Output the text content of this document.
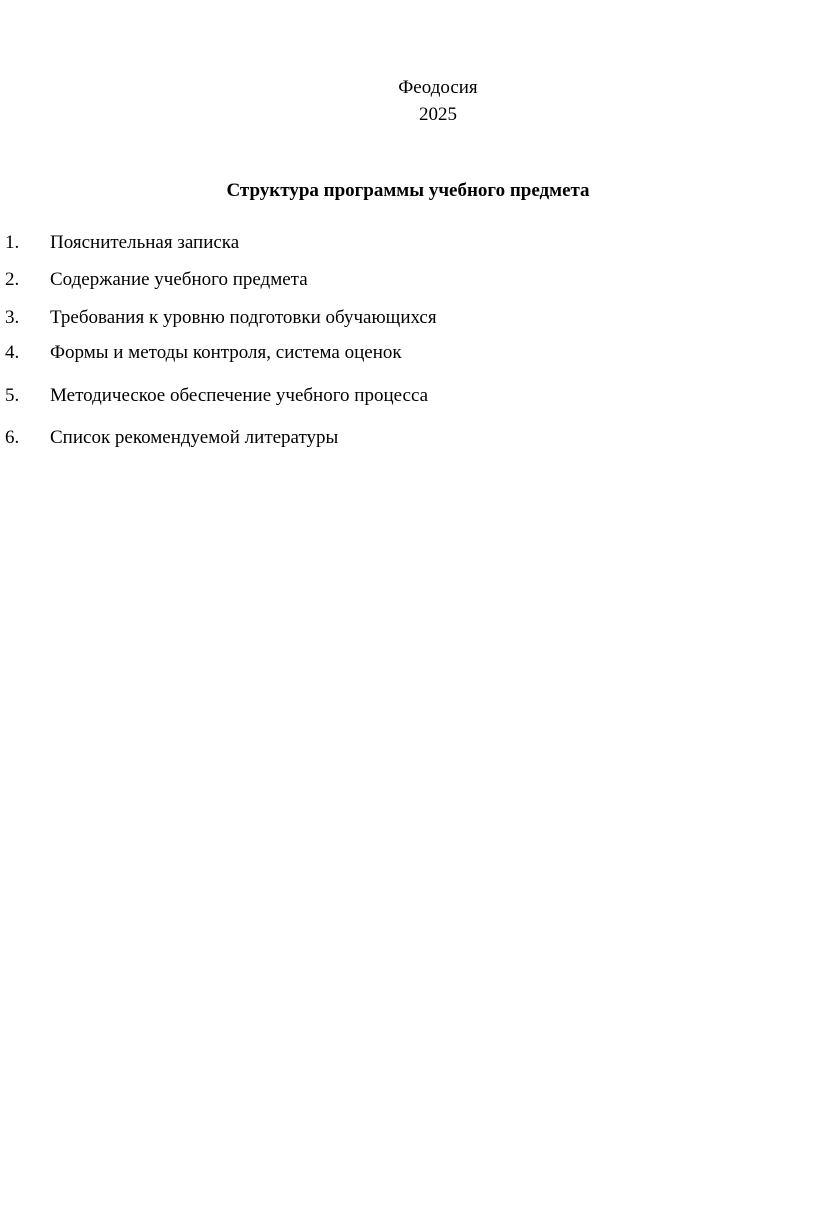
Феодосия
2025
Структура программы учебного предмета
1. Пояснительная записка
2. Содержание учебного предмета
3. Требования к уровню подготовки обучающихся
4. Формы и методы контроля, система оценок
5. Методическое обеспечение учебного процесса
6. Список рекомендуемой литературы
